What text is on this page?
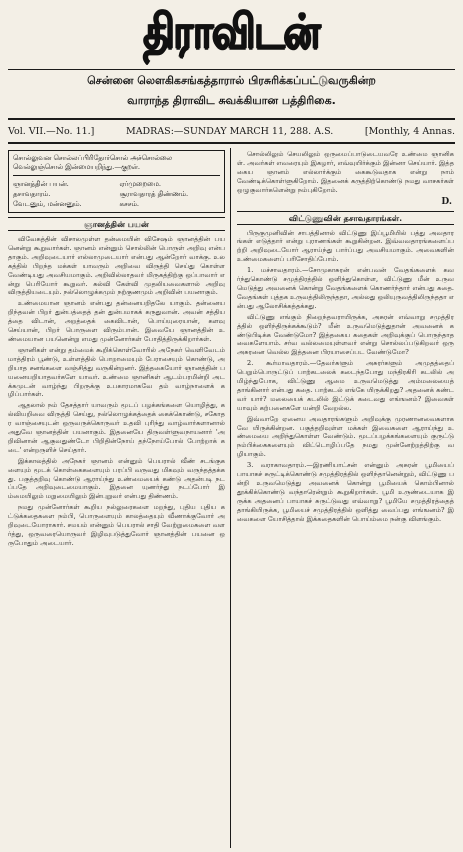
திராவிடன்
சென்னை லௌகிகசங்கத்தாரால் பிரசுரிக்கப்பட்டுவருகின்ற
வாராந்த திராவிட சுவக்கியான பத்திரிகை.
Vol. VII.—No. 11.]	MADRAS:—SUNDAY MARCH 11, 288. A.S.	[Monthly, 4 Annas.
சொல்லுவன சொல்லப்பிரிதோர்சொல் அச்சொல்லை வெல்லுஞ்சொல் இன்மையறிந்து.—குறள்.
ஞானத்தின் பயன்.	ஏர்முறைமை.
தசாவதாரம்.	சூராவதாரத் திண்ணம்.
வேடனும், மன்னனும்.	கசசம்.
ஞானத்தின் பயன்

விவேகத்தின் விசாலமுள்ள தன்மையின் விசேஷம் ஞானத்தின் பயனென்று கூறுவார்கள். ஞானம் என்னும் சொல்லின் பொருள் அறிவு என்பதாகும். அறிவுடையார் எல்லாமுடையார் என்பது ஆன்றோர் வாக்கு. உலகத்தில் பிறந்த மக்கள் யாவரும் அறிவை விருத்தி செய்து கொள்ளவேண்டியது அவசியமாகும். அறிவில்லாதவர் மிருகத்திற்கு ஒப்பாவார் என்று பெரியோர் கூறுவர். கல்வி கேள்வி முதலியவைகளால் அறிவு விருத்தியடையும். நல்லொழுக்கமும் நற்குணமும் அறிவின் பயனாகும்.

உண்மையான ஞானம் என்பது தன்னையறிதலே யாகும். தன்னையறிந்தவன் பிறர் துன்பத்தைத் தன் துன்பமாகக் கருதுவான். அவன் சத்தியத்தை விடான், அறத்தைக் கைவிடான், பொய்யுரையான், களவு செய்யான், பிறர் பொருளை விரும்பான். இவையே ஞானத்தின் உண்மையான பயனென்று எமது முன்னோர்கள் போதித்திருக்கிறார்கள்.

ஞானிகள் என்று தம்மைக் கூறிக்கொள்வோரில் அநேகர் வெளிவேடம் மாத்திரம் பூண்டு, உள்ளத்தில் பொறாமையும் பேராசையும் கொண்டு, அறியாத சனங்களை வஞ்சித்து வருகின்றனர். இத்தகையோர் ஞானத்தின் பயனையறியாதவர்களே யாவர். உண்மை ஞானிகள் ஆடம்பரமின்றி அடக்கமுடன் வாழ்ந்து பிறருக்கு உபகாரமாகவே தம் வாழ்நாளைக் கழிப்பார்கள்.

ஆதலால் நம் தேசத்தார் யாவரும் மூடப் பழக்கங்களை யொழித்து, கல்வியறிவை விருத்தி செய்து, நல்லொழுக்கத்தைக் கைக்கொண்டு, சகோதர வாஞ்சையுடன் ஒருவருக்கொருவர் உதவி புரிந்து வாழ்வார்களானால் அதுவே ஞானத்தின் பயனாகும். இதனையே திருவள்ளுவநாயனார் 'அறிவினான் ஆகுவதுண்டோ பிறிதின்நோய் தந்நோய்போல் போற்றாக் கடை' என்றருளிச் செய்தார்.

இக்காலத்தில் அநேகர் ஞானம் என்னும் பெயரால் வீண் சடங்குகளையும் மூடக் கொள்கைகளையும் பரப்பி வருவது மிகவும் வருந்தத்தக்கது. பகுத்தறிவு கொண்டு ஆராய்ந்து உண்மையைக் கண்டு அதன்படி நடப்பதே அறிவுடைமையாகும். இதனை யுணர்ந்து நடப்போர் இம்மையிலும் மறுமையிலும் இன்புறுவர் என்பது திண்ணம்.

நமது முன்னோர்கள் கூறிய நல்லுரைகளை மறந்து, புதிய புதிய கட்டுக்கதைகளை நம்பி, பொருளையும் காலத்தையும் வீணாக்குவோர் அறிவுடையோராகார். சமயம் என்னும் பெயரால் சாதி வேற்றுமைகளை வளர்த்து, ஒருவரையொருவர் இழிவுபடுத்துவோர் ஞானத்தின் பயனை ஒருபோதும் அடையார்.

சொல்லிலும் செயலிலும் ஒருமைப்பாடுடையவரே உண்மை ஞானிகள். அவர்கள் எவரையும் இகழார், எவ்வுயிர்க்கும் இன்னா செய்யார். இத்தகைய ஞானம் எல்லார்க்கும் கைகூடுவதாக என்று நாம் வேண்டிக்கொள்ளுகிறோம். இதனைக் கருத்திற்கொண்டு நமது வாசகர்கள் ஒழுகுவார்களென்று நம்புகிறோம்.

D.
விட்டுணுவின் தசாவதாரங்கள்.

பிருகுமுனிவின் சாபத்தினால் விட்டுணு இப்பூமியில் பத்து அவதாரங்கள் எடுத்தார் என்று புராணங்கள் கூறுகின்றன. இவ்வவதாரங்களைப்பற்றி அறிவுடையோர் ஆராய்ந்து பார்ப்பது அவசியமாகும். அவைகளின் உண்மைகளைப் பரிசோதிப்போம்.

1. மச்சாவதாரம்.—சோமுகாசுரன் என்பவன் வேதங்களைக் கவர்ந்துகொண்டு சமுத்திரத்தில் ஒளிந்துகொள்ள, விட்டுணு மீன் உருவமெடுத்து அவனைக் கொன்று வேதங்களைக் கொணர்ந்தார் என்பது கதை. வேதங்கள் புத்தக உருவத்திலிருந்ததா, அல்லது ஒலியுருவத்திலிருந்ததா என்பது ஆலோசிக்கத்தக்கது.

விட்டுணு எங்கும் நிறைந்தவராயிருக்க, அசுரன் எவ்வாறு சமுத்திரத்தில் ஒளிந்திருக்கக்கூடும்? மீன் உருவமெடுத்துதான் அவனைக் கண்டுபிடிக்க வேண்டுமோ? இத்தகைய கதைகள் அறிவுக்குப் பொருந்தாதவைகளேயாம். சர்வ வல்லமையுள்ளவர் என்று சொல்லப்படுகிறவர் ஒரு அசுரனை வெல்ல இத்தனை பிரயாசைப்பட வேண்டுமோ?

2. கூர்மாவதாரம்.—தேவர்களும் அசுரர்களும் அமுதத்தைப் பெறும்பொருட்டுப் பாற்கடலைக் கடைந்தபோது மந்திரகிரி கடலில் அமிழ்ந்துபோக, விட்டுணு ஆமை உருவமெடுத்து அம்மலையைத் தாங்கினார் என்பது கதை. பாற்கடல் எங்கே யிருக்கிறது? அதனைக் கண்டவர் யார்? மலையைக் கடலில் இட்டுக் கடைவது எங்ஙனம்? இவைகள் யாவும் கற்பனைகளே யன்றி வேறல்ல.

இவ்வாறே ஏனைய அவதாரங்களும் அறிவுக்கு முரணானவைகளாகவே யிருக்கின்றன. பகுத்தறிவுள்ள மக்கள் இவைகளை ஆராய்ந்து உண்மையை அறிந்துகொள்ள வேண்டும். மூடப்பழக்கங்களையும் குருட்டு நம்பிக்கைகளையும் விட்டொழிப்பதே நமது முன்னேற்றத்திற்கு வழியாகும்.

3. வராகாவதாரம்.—இரணியாட்சன் என்னும் அசுரன் பூமியைப் பாயாகச் சுருட்டிக்கொண்டு சமுத்திரத்தில் ஒளிந்தானென்றும், விட்டுணு பன்றி உருவமெடுத்து அவனைக் கொன்று பூமியைக் கொம்பினால் தூக்கிக்கொண்டு வந்தாரென்றும் கூறுகிறார்கள். பூமி உருண்டையாக இருக்க அதனைப் பாயாகச் சுருட்டுவது எவ்வாறு? பூமியே சமுத்திரத்தைத் தாங்கியிருக்க, பூமியைச் சமுத்திரத்தில் ஒளித்து வைப்பது எங்ஙனம்? இவைகளை யோசித்தால் இக்கதைகளின் பொய்ம்மை நன்கு விளங்கும்.
